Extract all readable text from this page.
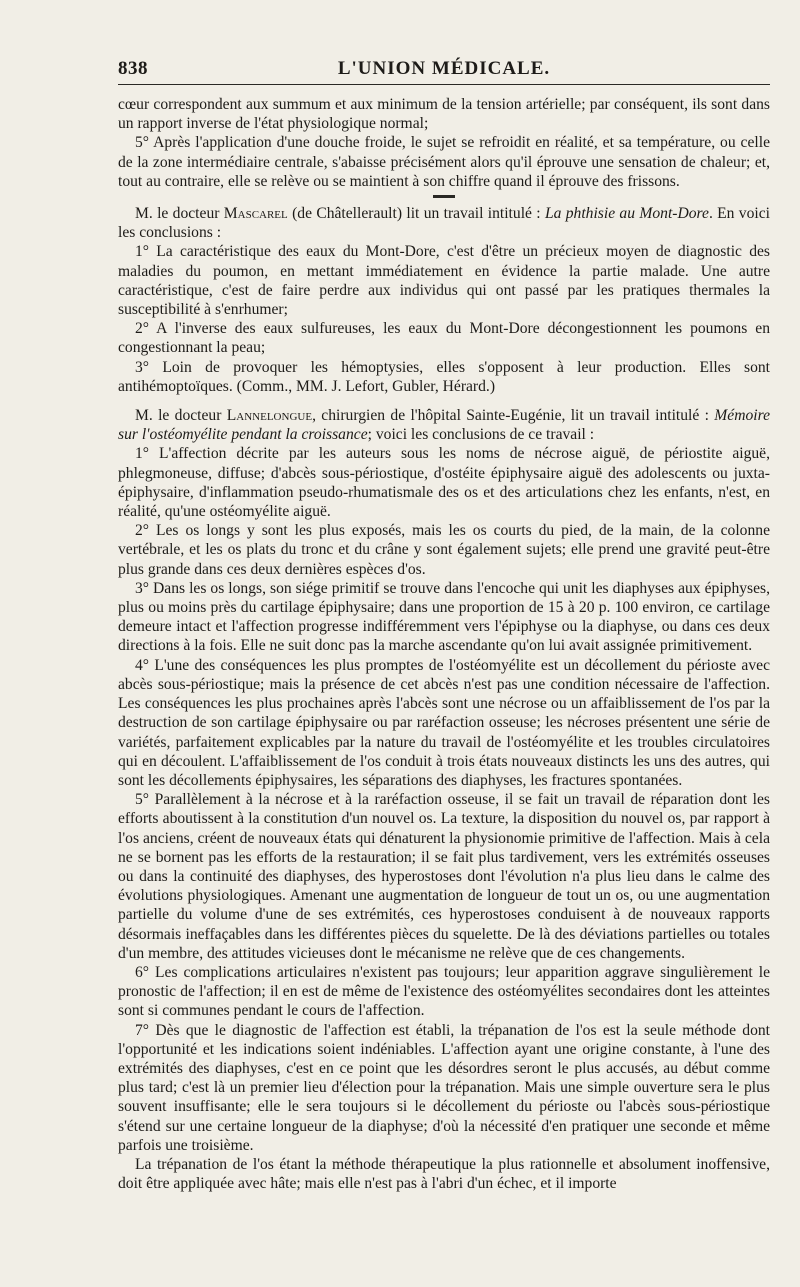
838	L'UNION MÉDICALE.

cœur correspondent aux summum et aux minimum de la tension artérielle; par conséquent, ils sont dans un rapport inverse de l'état physiologique normal;

5° Après l'application d'une douche froide, le sujet se refroidit en réalité, et sa température, ou celle de la zone intermédiaire centrale, s'abaisse précisément alors qu'il éprouve une sensation de chaleur; et, tout au contraire, elle se relève ou se maintient à son chiffre quand il éprouve des frissons.

M. le docteur Mascarel (de Châtellerault) lit un travail intitulé : La phthisie au Mont-Dore. En voici les conclusions :

1° La caractéristique des eaux du Mont-Dore, c'est d'être un précieux moyen de diagnostic des maladies du poumon, en mettant immédiatement en évidence la partie malade. Une autre caractéristique, c'est de faire perdre aux individus qui ont passé par les pratiques thermales la susceptibilité à s'enrhumer;

2° A l'inverse des eaux sulfureuses, les eaux du Mont-Dore décongestionnent les poumons en congestionnant la peau;

3° Loin de provoquer les hémoptysies, elles s'opposent à leur production. Elles sont antihémoptoïques. (Comm., MM. J. Lefort, Gubler, Hérard.)

M. le docteur Lannelongue, chirurgien de l'hôpital Sainte-Eugénie, lit un travail intitulé : Mémoire sur l'ostéomyélite pendant la croissance; voici les conclusions de ce travail :

1° L'affection décrite par les auteurs sous les noms de nécrose aiguë, de périostite aiguë, phlegmoneuse, diffuse; d'abcès sous-périostique, d'ostéite épiphysaire aiguë des adolescents ou juxta-épiphysaire, d'inflammation pseudo-rhumatismale des os et des articulations chez les enfants, n'est, en réalité, qu'une ostéomyélite aiguë.

2° Les os longs y sont les plus exposés, mais les os courts du pied, de la main, de la colonne vertébrale, et les os plats du tronc et du crâne y sont également sujets; elle prend une gravité peut-être plus grande dans ces deux dernières espèces d'os.

3° Dans les os longs, son siége primitif se trouve dans l'encoche qui unit les diaphyses aux épiphyses, plus ou moins près du cartilage épiphysaire; dans une proportion de 15 à 20 p. 100 environ, ce cartilage demeure intact et l'affection progresse indifféremment vers l'épiphyse ou la diaphyse, ou dans ces deux directions à la fois. Elle ne suit donc pas la marche ascendante qu'on lui avait assignée primitivement.

4° L'une des conséquences les plus promptes de l'ostéomyélite est un décollement du périoste avec abcès sous-périostique; mais la présence de cet abcès n'est pas une condition nécessaire de l'affection. Les conséquences les plus prochaines après l'abcès sont une nécrose ou un affaiblissement de l'os par la destruction de son cartilage épiphysaire ou par raréfaction osseuse; les nécroses présentent une série de variétés, parfaitement explicables par la nature du travail de l'ostéomyélite et les troubles circulatoires qui en découlent. L'affaiblissement de l'os conduit à trois états nouveaux distincts les uns des autres, qui sont les décollements épiphysaires, les séparations des diaphyses, les fractures spontanées.

5° Parallèlement à la nécrose et à la raréfaction osseuse, il se fait un travail de réparation dont les efforts aboutissent à la constitution d'un nouvel os. La texture, la disposition du nouvel os, par rapport à l'os anciens, créent de nouveaux états qui dénaturent la physionomie primitive de l'affection. Mais à cela ne se bornent pas les efforts de la restauration; il se fait plus tardivement, vers les extrémités osseuses ou dans la continuité des diaphyses, des hyperostoses dont l'évolution n'a plus lieu dans le calme des évolutions physiologiques. Amenant une augmentation de longueur de tout un os, ou une augmentation partielle du volume d'une de ses extrémités, ces hyperostoses conduisent à de nouveaux rapports désormais ineffaçables dans les différentes pièces du squelette. De là des déviations partielles ou totales d'un membre, des attitudes vicieuses dont le mécanisme ne relève que de ces changements.

6° Les complications articulaires n'existent pas toujours; leur apparition aggrave singulièrement le pronostic de l'affection; il en est de même de l'existence des ostéomyélites secondaires dont les atteintes sont si communes pendant le cours de l'affection.

7° Dès que le diagnostic de l'affection est établi, la trépanation de l'os est la seule méthode dont l'opportunité et les indications soient indéniables. L'affection ayant une origine constante, à l'une des extrémités des diaphyses, c'est en ce point que les désordres seront le plus accusés, au début comme plus tard; c'est là un premier lieu d'élection pour la trépanation. Mais une simple ouverture sera le plus souvent insuffisante; elle le sera toujours si le décollement du périoste ou l'abcès sous-périostique s'étend sur une certaine longueur de la diaphyse; d'où la nécessité d'en pratiquer une seconde et même parfois une troisième.

La trépanation de l'os étant la méthode thérapeutique la plus rationnelle et absolument inoffensive, doit être appliquée avec hâte; mais elle n'est pas à l'abri d'un échec, et il importe
